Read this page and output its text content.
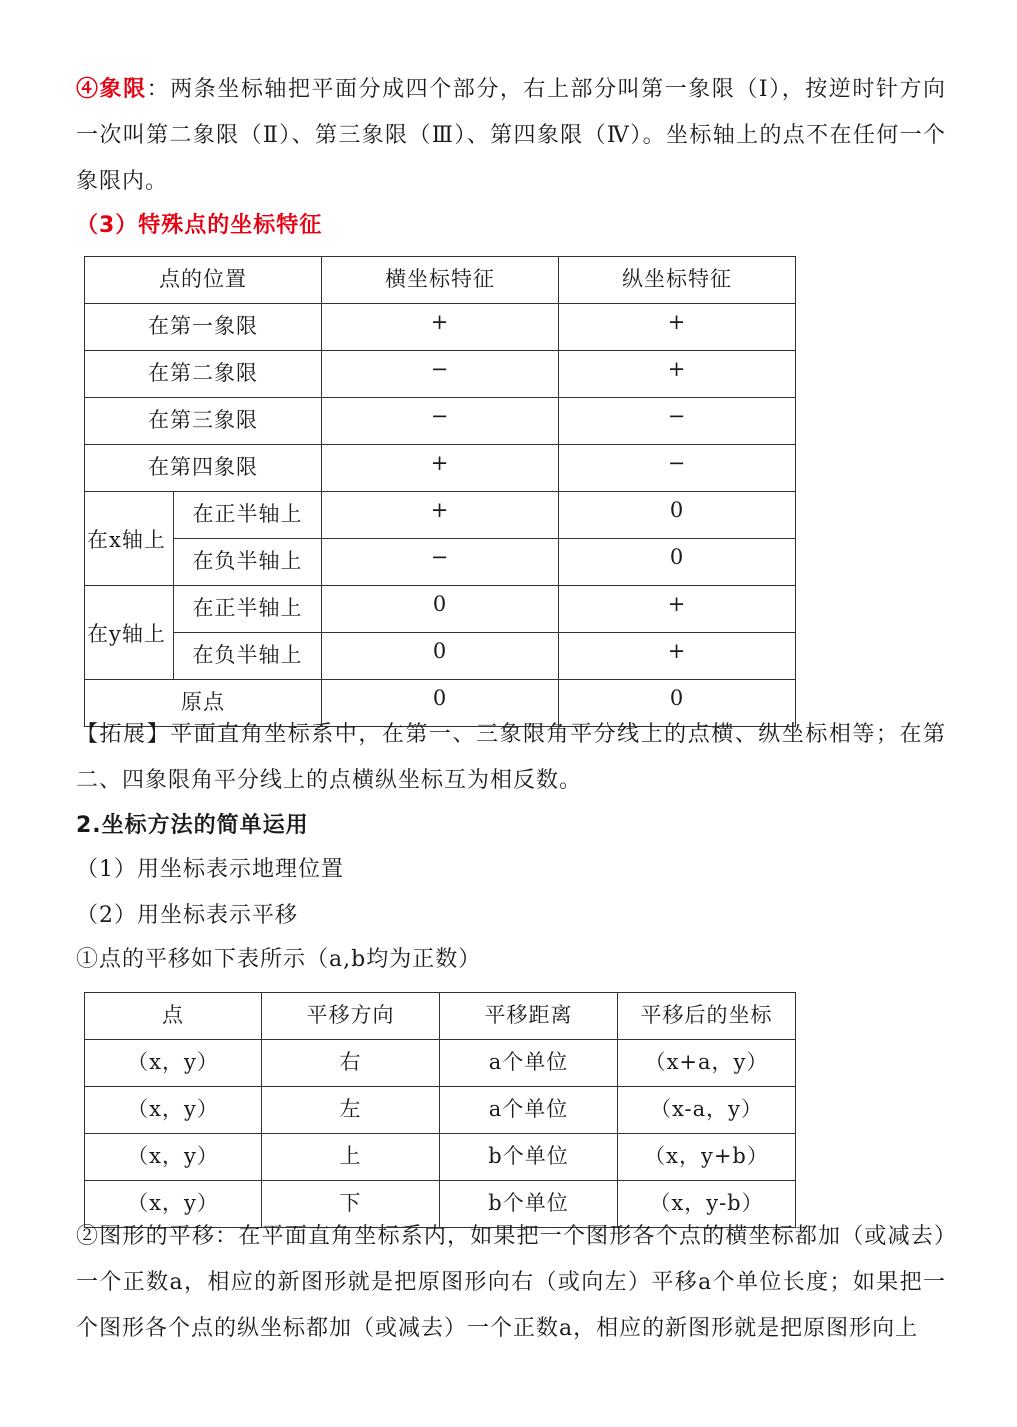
④象限：两条坐标轴把平面分成四个部分，右上部分叫第一象限（Ⅰ），按逆时针方向一次叫第二象限（Ⅱ）、第三象限（Ⅲ）、第四象限（Ⅳ）。坐标轴上的点不在任何一个象限内。

（3）特殊点的坐标特征
点的位置		横坐标特征	纵坐标特征
在第一象限		+	+
在第二象限		−	+
在第三象限		−	−
在第四象限		+	−
在x轴上	在正半轴上	+	0
	在负半轴上	−	0
在y轴上	在正半轴上	0	+
	在负半轴上	0	+
原点		0	0

【拓展】平面直角坐标系中，在第一、三象限角平分线上的点横、纵坐标相等；在第二、四象限角平分线上的点横纵坐标互为相反数。

2.坐标方法的简单运用
（1）用坐标表示地理位置
（2）用坐标表示平移
①点的平移如下表所示（a,b均为正数）
点	平移方向	平移距离	平移后的坐标
（x，y）	右	a个单位	（x+a，y）
（x，y）	左	a个单位	（x-a，y）
（x，y）	上	b个单位	（x，y+b）
（x，y）	下	b个单位	（x，y-b）

②图形的平移：在平面直角坐标系内，如果把一个图形各个点的横坐标都加（或减去）一个正数a，相应的新图形就是把原图形向右（或向左）平移a个单位长度；如果把一个图形各个点的纵坐标都加（或减去）一个正数a，相应的新图形就是把原图形向上
